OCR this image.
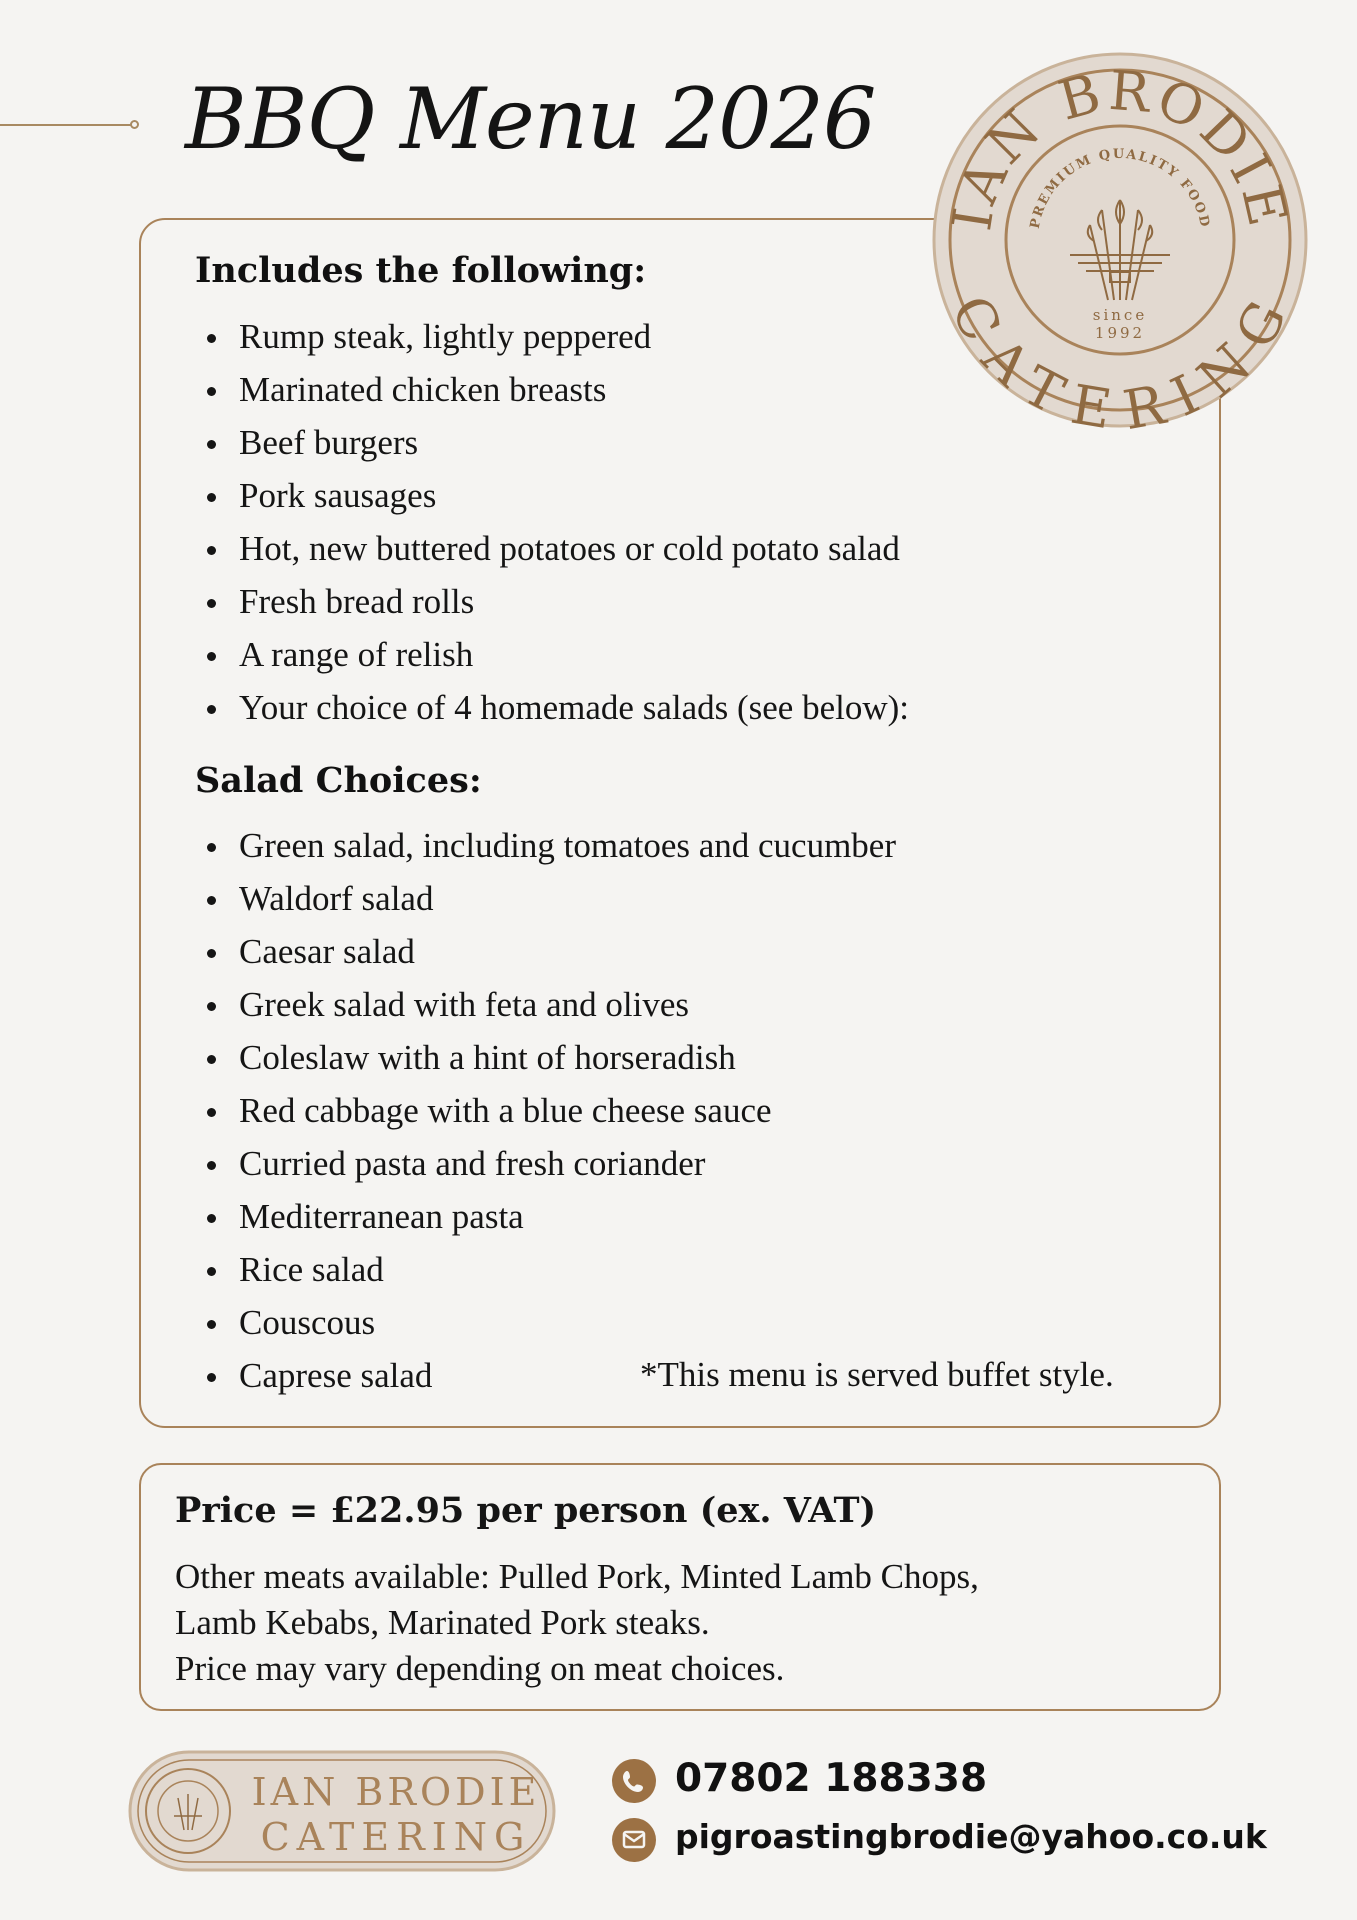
BBQ Menu 2026
IAN BRODIE
CATERING
PREMIUM QUALITY FOOD
since
1992
Includes the following:
Rump steak, lightly peppered
Marinated chicken breasts
Beef burgers
Pork sausages
Hot, new buttered potatoes or cold potato salad
Fresh bread rolls
A range of relish
Your choice of 4 homemade salads (see below):
Salad Choices:
Green salad, including tomatoes and cucumber
Waldorf salad
Caesar salad
Greek salad with feta and olives
Coleslaw with a hint of horseradish
Red cabbage with a blue cheese sauce
Curried pasta and fresh coriander
Mediterranean pasta
Rice salad
Couscous
Caprese salad	*This menu is served buffet style.
Price = £22.95 per person (ex. VAT)
Other meats available: Pulled Pork, Minted Lamb Chops,
Lamb Kebabs, Marinated Pork steaks.
Price may vary depending on meat choices.
IAN BRODIE
CATERING
07802 188338
pigroastingbrodie@yahoo.co.uk
